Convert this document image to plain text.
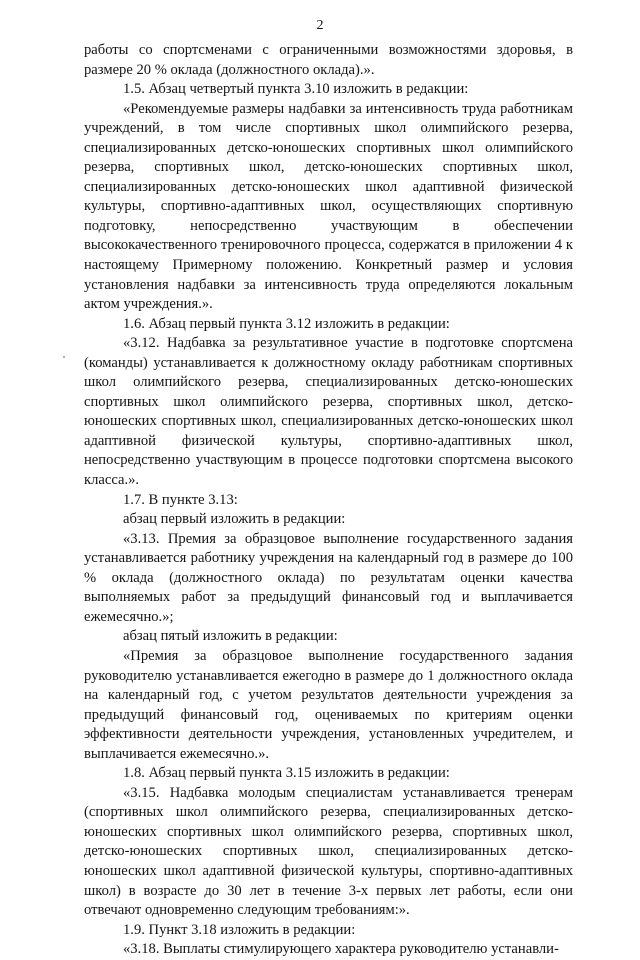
2

работы со спортсменами с ограниченными возможностями здоровья, в размере 20 % оклада (должностного оклада).».

1.5. Абзац четвертый пункта 3.10 изложить в редакции:

«Рекомендуемые размеры надбавки за интенсивность труда работникам учреждений, в том числе спортивных школ олимпийского резерва, специализированных детско-юношеских спортивных школ олимпийского резерва, спортивных школ, детско-юношеских спортивных школ, специализированных детско-юношеских школ адаптивной физической культуры, спортивно-адаптивных школ, осуществляющих спортивную подготовку, непосредственно участвующим в обеспечении высококачественного тренировочного процесса, содержатся в приложении 4 к настоящему Примерному положению. Конкретный размер и условия установления надбавки за интенсивность труда определяются локальным актом учреждения.».

1.6. Абзац первый пункта 3.12 изложить в редакции:

«3.12. Надбавка за результативное участие в подготовке спортсмена (команды) устанавливается к должностному окладу работникам спортивных школ олимпийского резерва, специализированных детско-юношеских спортивных школ олимпийского резерва, спортивных школ, детско-юношеских спортивных школ, специализированных детско-юношеских школ адаптивной физической культуры, спортивно-адаптивных школ, непосредственно участвующим в процессе подготовки спортсмена высокого класса.».

1.7. В пункте 3.13:

абзац первый изложить в редакции:

«3.13. Премия за образцовое выполнение государственного задания устанавливается работнику учреждения на календарный год в размере до 100 % оклада (должностного оклада) по результатам оценки качества выполняемых работ за предыдущий финансовый год и выплачивается ежемесячно.»;

абзац пятый изложить в редакции:

«Премия за образцовое выполнение государственного задания руководителю устанавливается ежегодно в размере до 1 должностного оклада на календарный год, с учетом результатов деятельности учреждения за предыдущий финансовый год, оцениваемых по критериям оценки эффективности деятельности учреждения, установленных учредителем, и выплачивается ежемесячно.».

1.8. Абзац первый пункта 3.15 изложить в редакции:

«3.15. Надбавка молодым специалистам устанавливается тренерам (спортивных школ олимпийского резерва, специализированных детско-юношеских спортивных школ олимпийского резерва, спортивных школ, детско-юношеских спортивных школ, специализированных детско-юношеских школ адаптивной физической культуры, спортивно-адаптивных школ) в возрасте до 30 лет в течение 3-х первых лет работы, если они отвечают одновременно следующим требованиям:».

1.9. Пункт 3.18 изложить в редакции:

«3.18. Выплаты стимулирующего характера руководителю устанавли-
